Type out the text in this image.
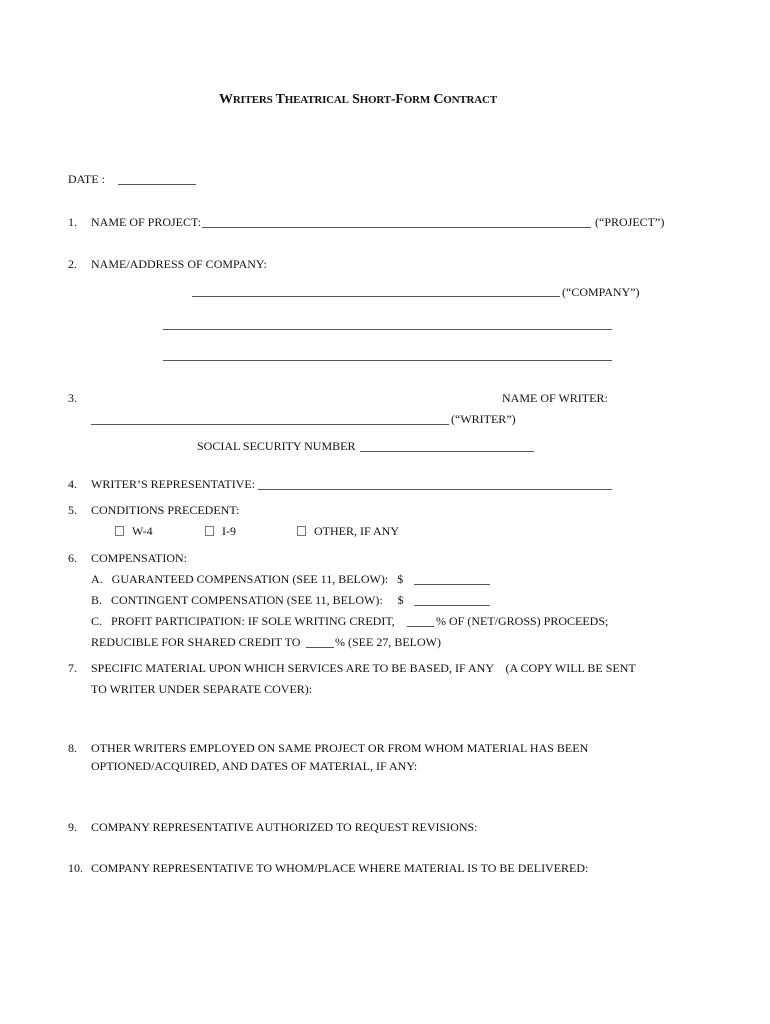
WRITERS THEATRICAL SHORT-FORM CONTRACT
DATE :
1. NAME OF PROJECT:	(“PROJECT”)
2. NAME/ADDRESS OF COMPANY:
(“COMPANY”)
3.	NAME OF WRITER:
(“WRITER”)
SOCIAL SECURITY NUMBER
4. WRITER’S REPRESENTATIVE:
5. CONDITIONS PRECEDENT:
W-4	I-9	OTHER, IF ANY
6. COMPENSATION:
A.   GUARANTEED COMPENSATION (SEE 11, BELOW):   $
B.   CONTINGENT COMPENSATION (SEE 11, BELOW):     $
C.   PROFIT PARTICIPATION: IF SOLE WRITING CREDIT,	% OF (NET/GROSS) PROCEEDS;
REDUCIBLE FOR SHARED CREDIT TO	% (SEE 27, BELOW)
7. SPECIFIC MATERIAL UPON WHICH SERVICES ARE TO BE BASED, IF ANY    (A COPY WILL BE SENT
TO WRITER UNDER SEPARATE COVER):
8. OTHER WRITERS EMPLOYED ON SAME PROJECT OR FROM WHOM MATERIAL HAS BEEN
OPTIONED/ACQUIRED, AND DATES OF MATERIAL, IF ANY:
9. COMPANY REPRESENTATIVE AUTHORIZED TO REQUEST REVISIONS:
10. COMPANY REPRESENTATIVE TO WHOM/PLACE WHERE MATERIAL IS TO BE DELIVERED:
